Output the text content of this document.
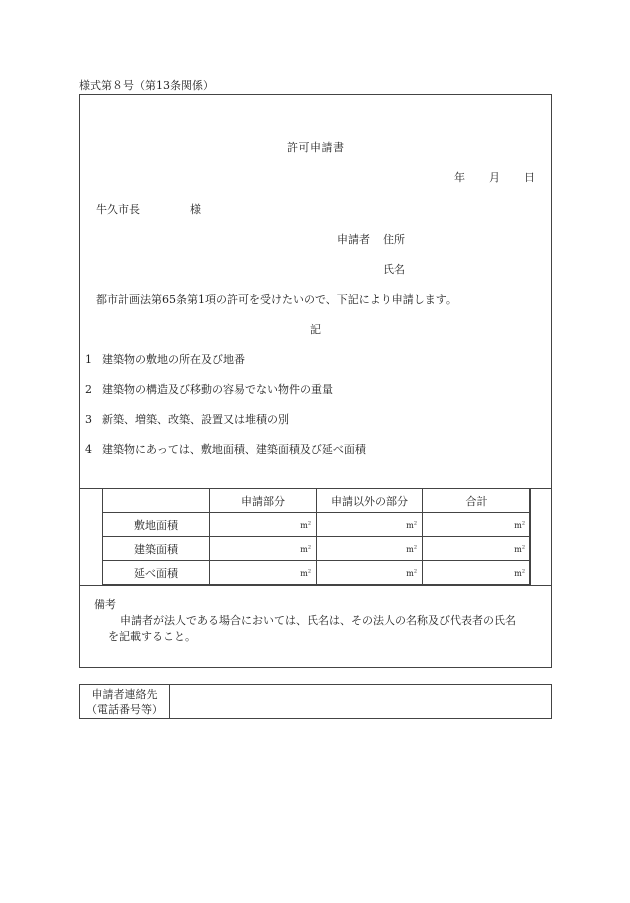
様式第８号（第13条関係）
許可申請書
年 月 日
牛久市長	様
申請者 住所
氏名
都市計画法第65条第1項の許可を受けたいので、下記により申請します。
記
1 建築物の敷地の所在及び地番
2 建築物の構造及び移動の容易でない物件の重量
3 新築、増築、改築、設置又は堆積の別
4 建築物にあっては、敷地面積、建築面積及び延べ面積
	申請部分	申請以外の部分	合計
敷地面積	$m^2$	$m^2$	$m^2$
建築面積	$m^2$	$m^2$	$m^2$
延べ面積	$m^2$	$m^2$	$m^2$
備考
申請者が法人である場合においては、氏名は、その法人の名称及び代表者の氏名
を記載すること。
申請者連絡先
（電話番号等）
